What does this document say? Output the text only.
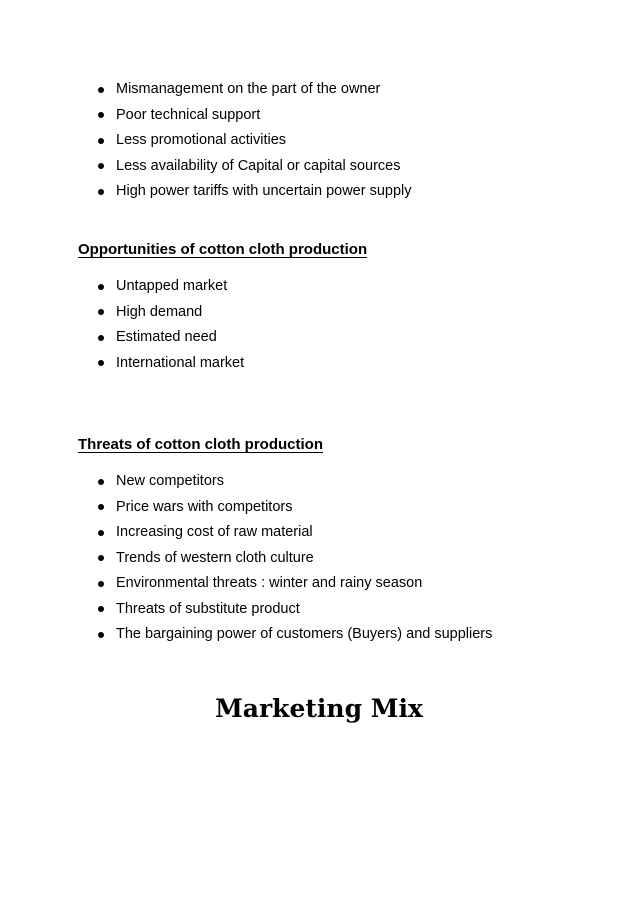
Mismanagement on the part of the owner
Poor technical support
Less promotional activities
Less availability of Capital or capital sources
High power tariffs with uncertain power supply
Opportunities of cotton cloth production
Untapped market
High demand
Estimated need
International market
Threats of cotton cloth production
New competitors
Price wars with competitors
Increasing cost of raw material
Trends of western cloth culture
Environmental threats : winter and rainy season
Threats of substitute product
The bargaining power of customers (Buyers) and suppliers
Marketing Mix
